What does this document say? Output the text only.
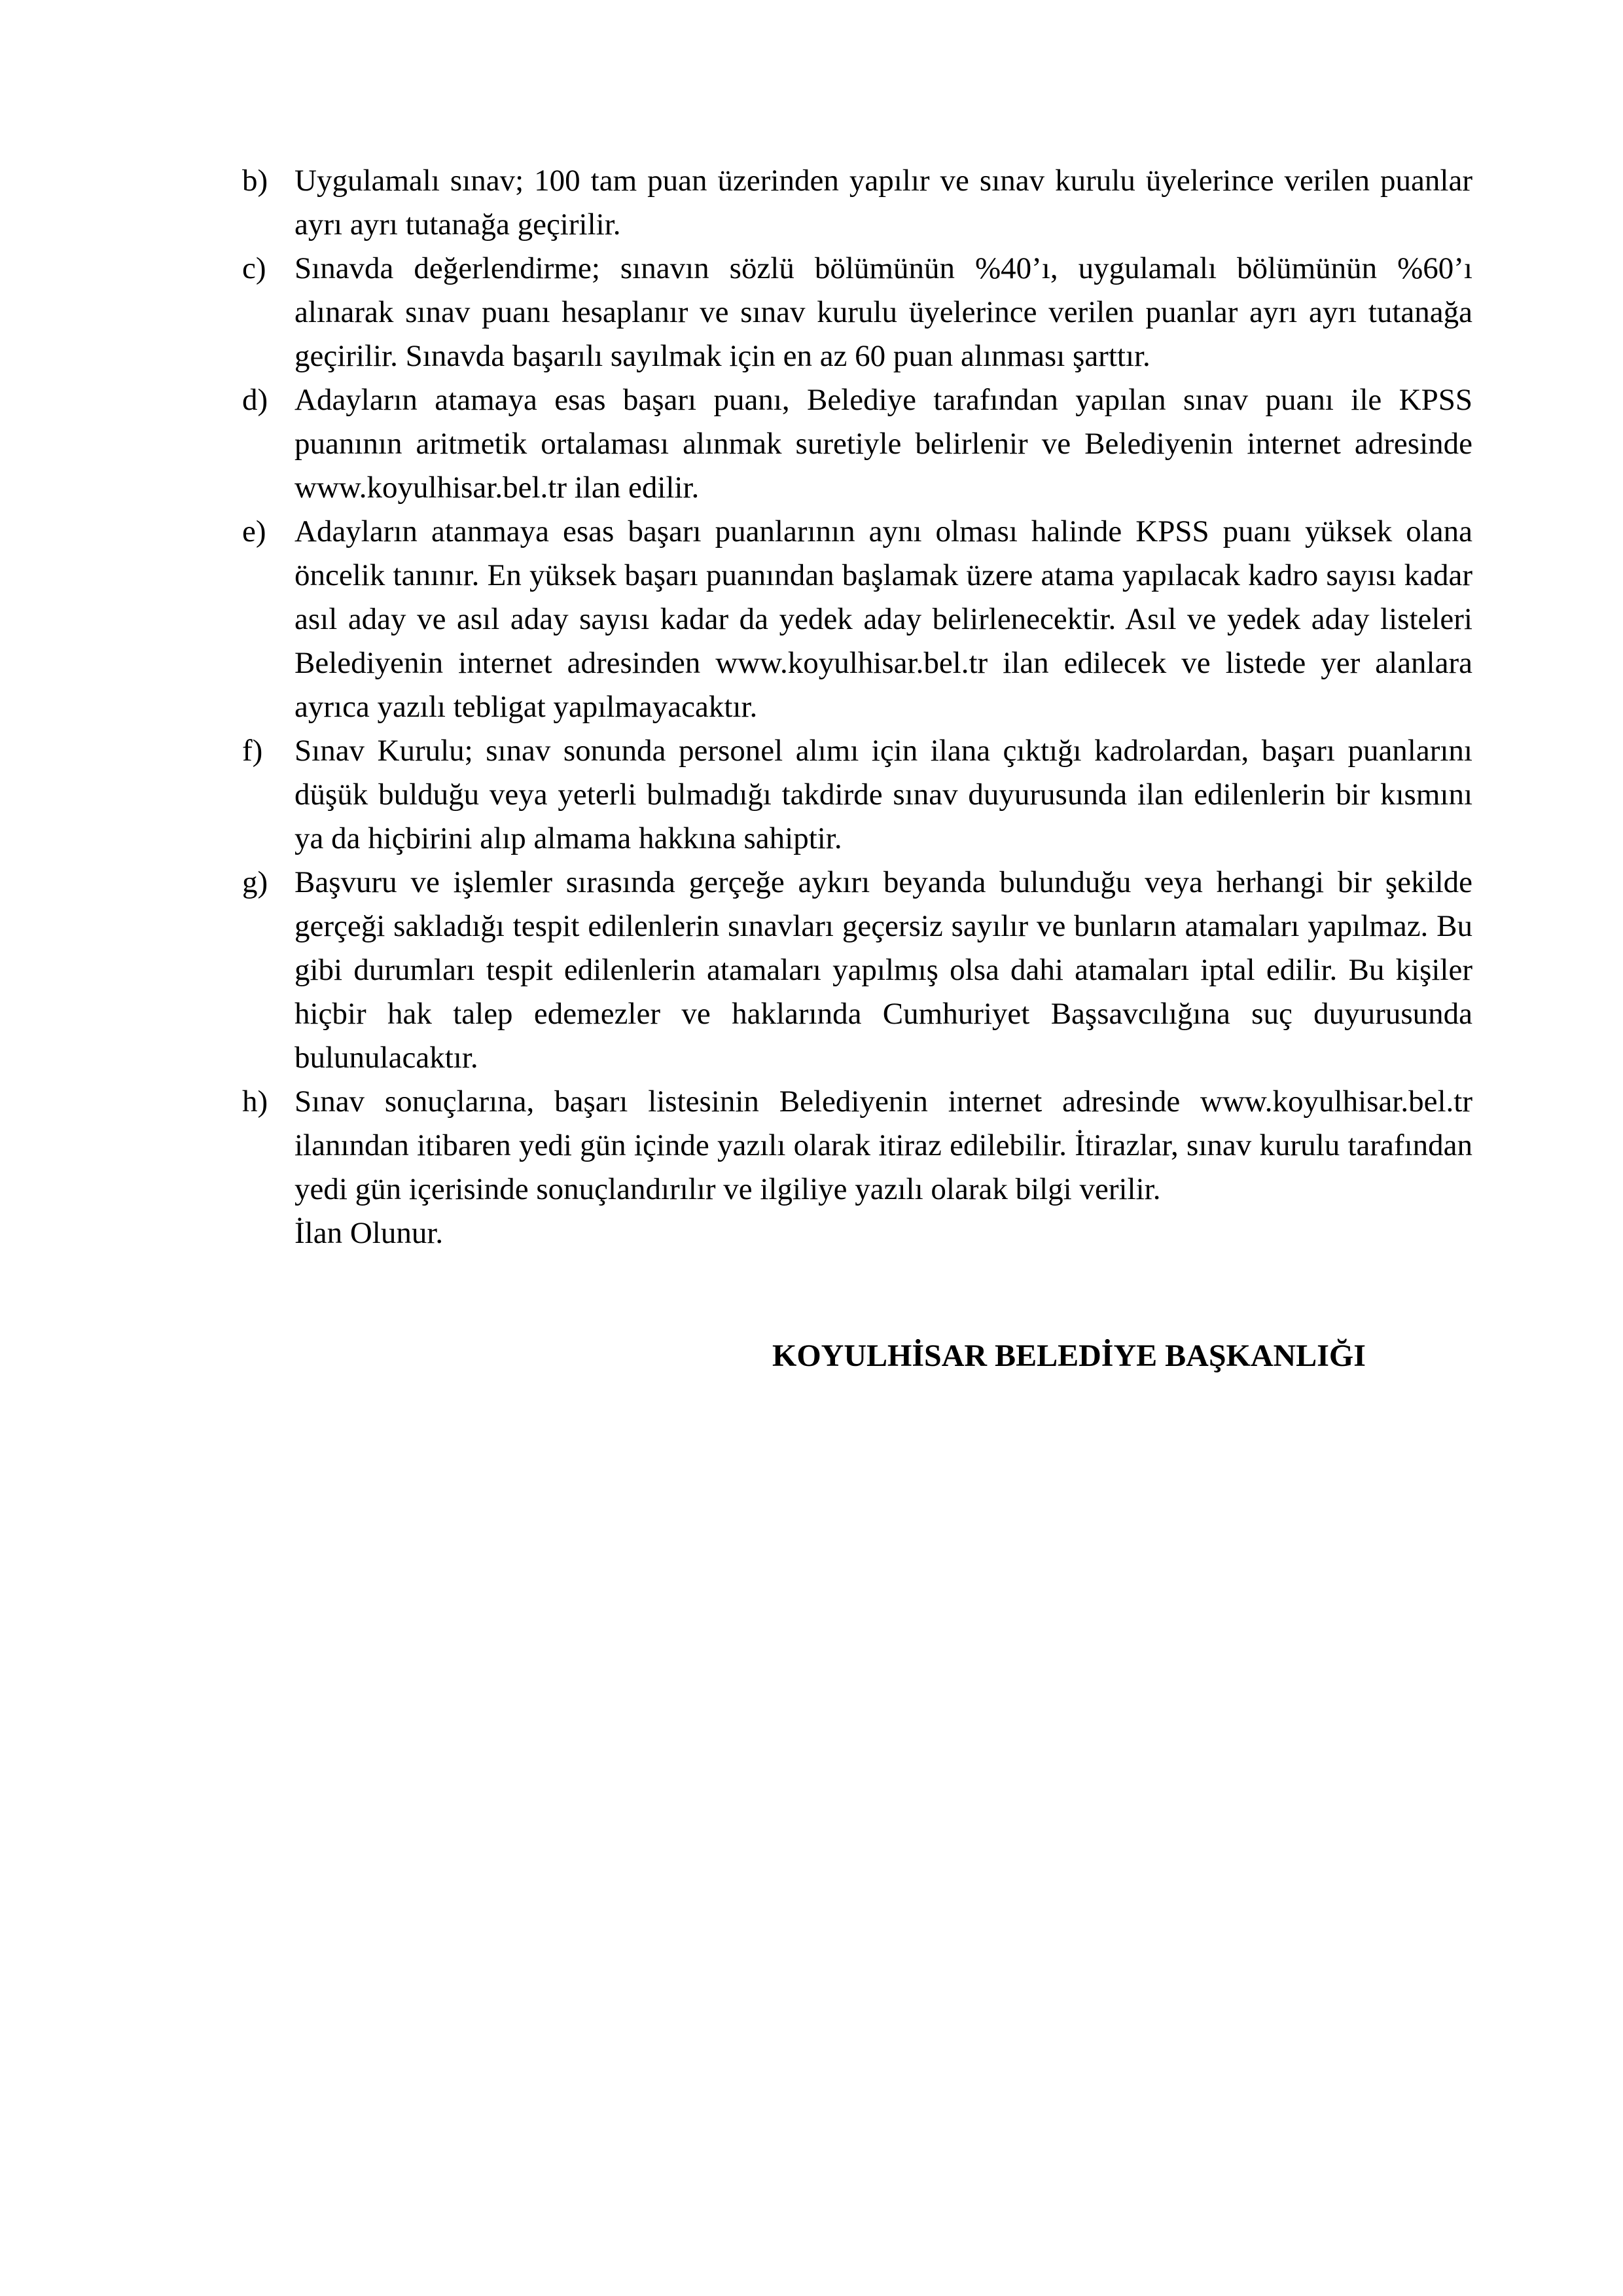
b) Uygulamalı sınav; 100 tam puan üzerinden yapılır ve sınav kurulu üyelerince verilen puanlar ayrı ayrı tutanağa geçirilir.
c) Sınavda değerlendirme; sınavın sözlü bölümünün %40’ı, uygulamalı bölümünün %60’ı alınarak sınav puanı hesaplanır ve sınav kurulu üyelerince verilen puanlar ayrı ayrı tutanağa geçirilir. Sınavda başarılı sayılmak için en az 60 puan alınması şarttır.
d) Adayların atamaya esas başarı puanı, Belediye tarafından yapılan sınav puanı ile KPSS puanının aritmetik ortalaması alınmak suretiyle belirlenir ve Belediyenin internet adresinde www.koyulhisar.bel.tr ilan edilir.
e) Adayların atanmaya esas başarı puanlarının aynı olması halinde KPSS puanı yüksek olana öncelik tanınır. En yüksek başarı puanından başlamak üzere atama yapılacak kadro sayısı kadar asıl aday ve asıl aday sayısı kadar da yedek aday belirlenecektir. Asıl ve yedek aday listeleri Belediyenin internet adresinden www.koyulhisar.bel.tr ilan edilecek ve listede yer alanlara ayrıca yazılı tebligat yapılmayacaktır.
f)	Sınav Kurulu; sınav sonunda personel alımı için ilana çıktığı kadrolardan, başarı puanlarını düşük bulduğu veya yeterli bulmadığı takdirde sınav duyurusunda ilan edilenlerin bir kısmını ya da hiçbirini alıp almama hakkına sahiptir.
g) Başvuru ve işlemler sırasında gerçeğe aykırı beyanda bulunduğu veya herhangi bir şekilde gerçeği sakladığı tespit edilenlerin sınavları geçersiz sayılır ve bunların atamaları yapılmaz. Bu gibi durumları tespit edilenlerin atamaları yapılmış olsa dahi atamaları iptal edilir. Bu kişiler hiçbir hak talep edemezler ve haklarında Cumhuriyet Başsavcılığına suç duyurusunda bulunulacaktır.
h) Sınav sonuçlarına, başarı listesinin Belediyenin internet adresinde www.koyulhisar.bel.tr ilanından itibaren yedi gün içinde yazılı olarak itiraz edilebilir. İtirazlar, sınav kurulu tarafından yedi gün içerisinde sonuçlandırılır ve ilgiliye yazılı olarak bilgi verilir.
İlan Olunur.
KOYULHİSAR BELEDİYE BAŞKANLIĞI
